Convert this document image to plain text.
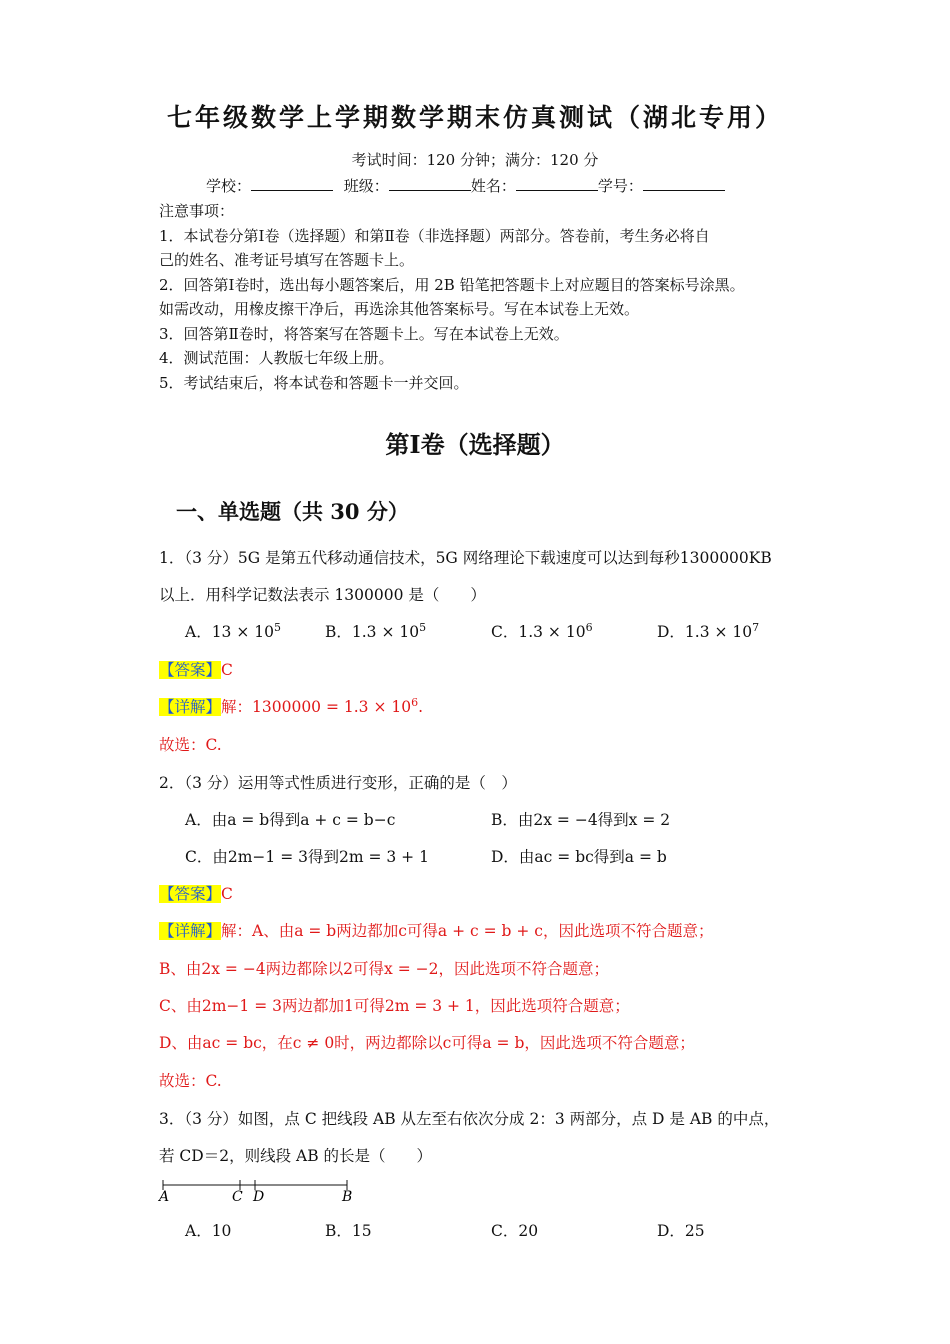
七年级数学上学期数学期末仿真测试（湖北专用）
考试时间：120 分钟；满分：120 分
学校：	班级：	姓名：	学号：
注意事项：
1．本试卷分第Ⅰ卷（选择题）和第Ⅱ卷（非选择题）两部分。答卷前，考生务必将自
己的姓名、准考证号填写在答题卡上。
2．回答第Ⅰ卷时，选出每小题答案后，用 2B 铅笔把答题卡上对应题目的答案标号涂黑。
如需改动，用橡皮擦干净后，再选涂其他答案标号。写在本试卷上无效。
3．回答第Ⅱ卷时，将答案写在答题卡上。写在本试卷上无效。
4．测试范围：人教版七年级上册。
5．考试结束后，将本试卷和答题卡一并交回。
第Ⅰ卷（选择题）
一、单选题（共 30 分）
1．（3 分）5G 是第五代移动通信技术，5G 网络理论下载速度可以达到每秒1300000KB
以上．用科学记数法表示 1300000 是（　　）
A．$13 \times 10^5$	B．$1.3 \times 10^5$	C．$1.3 \times 10^6$	D．$1.3 \times 10^7$
【答案】C
【详解】解：$1300000 = 1.3 \times 10^6$.
故选：C.
2．（3 分）运用等式性质进行变形，正确的是（　）
A．由a = b得到a + c = b−c	B．由2x = −4得到x = 2
C．由2m−1 = 3得到2m = 3 + 1	D．由ac = bc得到a = b
【答案】C
【详解】解：A、由a = b两边都加c可得a + c = b + c，因此选项不符合题意；
B、由2x = −4两边都除以2可得x = −2，因此选项不符合题意；
C、由2m−1 = 3两边都加1可得2m = 3 + 1，因此选项符合题意；
D、由ac = bc，在c ≠ 0时，两边都除以c可得a = b，因此选项不符合题意；
故选：C.
3．（3 分）如图，点 C 把线段 AB 从左至右依次分成 2：3 两部分，点 D 是 AB 的中点，
若 CD＝2，则线段 AB 的长是（　　）
A	C D	B
A．10	B．15	C．20	D．25
